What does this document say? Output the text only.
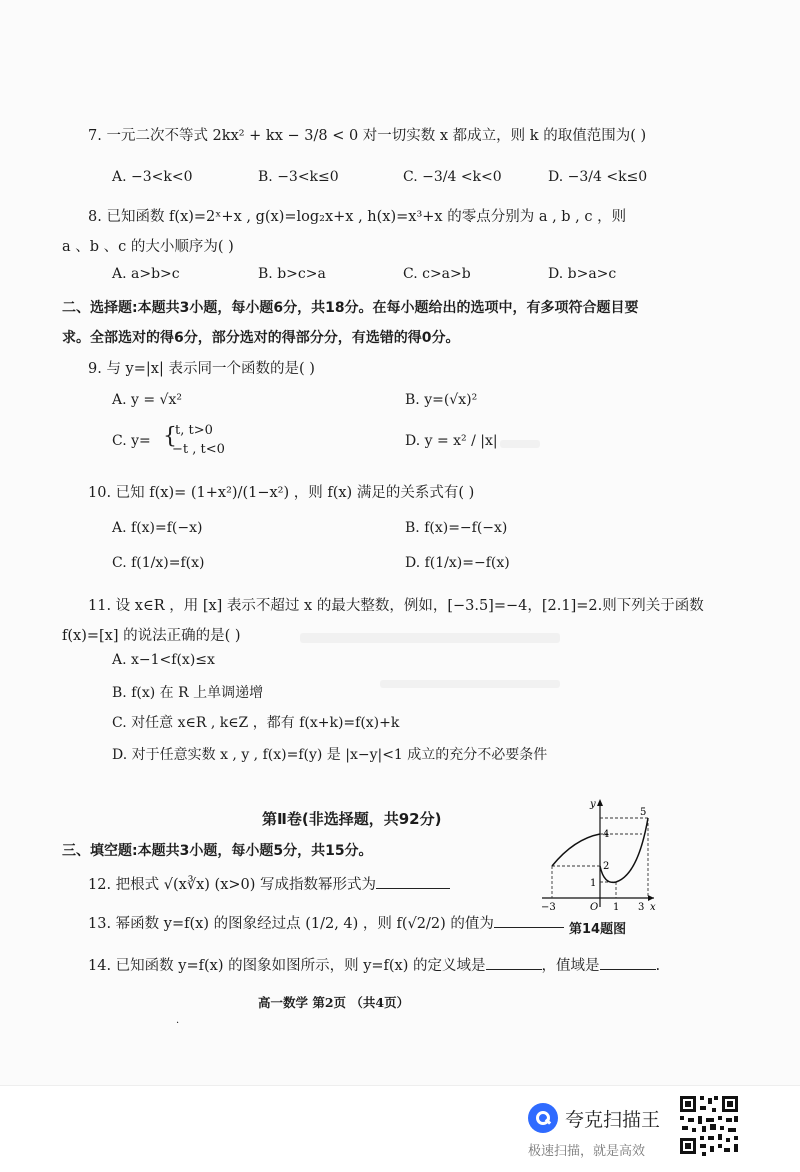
7. 一元二次不等式 2kx² + kx − 3/8 < 0 对一切实数 x 都成立，则 k 的取值范围为( )
A. −3<k<0	B. −3<k≤0	C. −3/4 <k<0	D. −3/4 <k≤0
8. 已知函数 f(x)=2ˣ+x , g(x)=log₂x+x , h(x)=x³+x 的零点分别为 a , b , c ，则
a 、b 、c 的大小顺序为( )
A. a>b>c	B. b>c>a	C. c>a>b	D. b>a>c
二、选择题:本题共3小题，每小题6分，共18分。在每小题给出的选项中，有多项符合题目要
求。全部选对的得6分，部分选对的得部分分，有选错的得0分。
9. 与 y=|x| 表示同一个函数的是( )
A. y = √x²	B. y=(√x)²
C. y= {
t, t>0
−t , t<0
D. y = x² / |x|
10. 已知 f(x)= (1+x²)/(1−x²) ，则 f(x) 满足的关系式有( )
A. f(x)=f(−x)	B. f(x)=−f(−x)
C. f(1/x)=f(x)	D. f(1/x)=−f(x)
11. 设 x∈R ，用 [x] 表示不超过 x 的最大整数，例如，[−3.5]=−4，[2.1]=2.则下列关于函数
f(x)=[x] 的说法正确的是( )
A. x−1<f(x)≤x
B. f(x) 在 R 上单调递增
C. 对任意 x∈R , k∈Z ，都有 f(x+k)=f(x)+k
D. 对于任意实数 x , y , f(x)=f(y) 是 |x−y|<1 成立的充分不必要条件
第Ⅱ卷(非选择题，共92分)
三、填空题:本题共3小题，每小题5分，共15分。
12. 把根式 √(x∛x) (x>0) 写成指数幂形式为
13. 幂函数 y=f(x) 的图象经过点 (1/2, 4) ，则 f(√2/2) 的值为
14. 已知函数 y=f(x) 的图象如图所示，则 y=f(x) 的定义域是	，值域是	.
y
x
O
−3	1 3
1
2
4
5
第14题图
高一数学 第2页 （共4页）
·
夸克扫描王
极速扫描，就是高效
